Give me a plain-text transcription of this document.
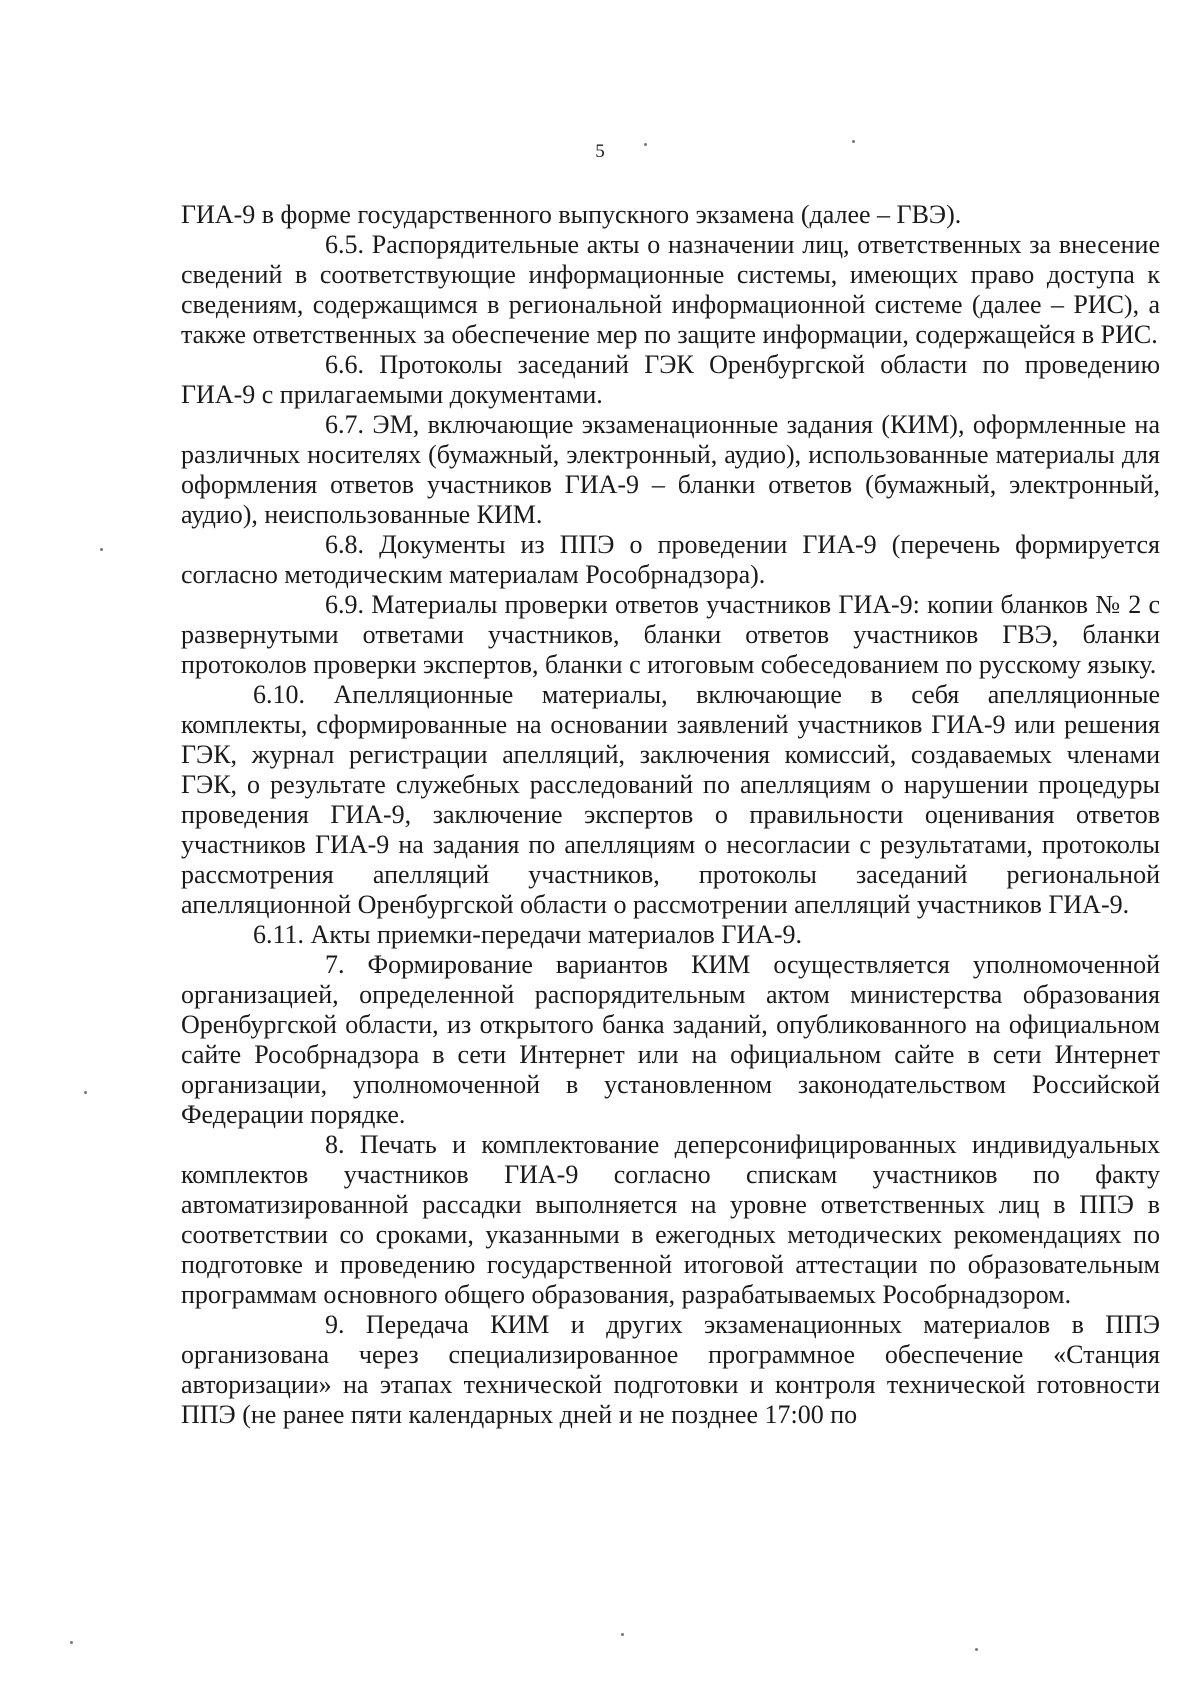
5

ГИА-9 в форме государственного выпускного экзамена (далее – ГВЭ).

6.5. Распорядительные акты о назначении лиц, ответственных за внесение сведений в соответствующие информационные системы, имеющих право доступа к сведениям, содержащимся в региональной информационной системе (далее – РИС), а также ответственных за обеспечение мер по защите информации, содержащейся в РИС.

6.6. Протоколы заседаний ГЭК Оренбургской области по проведению ГИА-9 с прилагаемыми документами.

6.7. ЭМ, включающие экзаменационные задания (КИМ), оформленные на различных носителях (бумажный, электронный, аудио), использованные материалы для оформления ответов участников ГИА-9 – бланки ответов (бумажный, электронный, аудио), неиспользованные КИМ.

6.8. Документы из ППЭ о проведении ГИА-9 (перечень формируется согласно методическим материалам Рособрнадзора).

6.9. Материалы проверки ответов участников ГИА-9: копии бланков № 2 с развернутыми ответами участников, бланки ответов участников ГВЭ, бланки протоколов проверки экспертов, бланки с итоговым собеседованием по русскому языку.

6.10. Апелляционные материалы, включающие в себя апелляционные комплекты, сформированные на основании заявлений участников ГИА-9 или решения ГЭК, журнал регистрации апелляций, заключения комиссий, создаваемых членами ГЭК, о результате служебных расследований по апелляциям о нарушении процедуры проведения ГИА-9, заключение экспертов о правильности оценивания ответов участников ГИА-9 на задания по апелляциям о несогласии с результатами, протоколы рассмотрения апелляций участников, протоколы заседаний региональной апелляционной Оренбургской области о рассмотрении апелляций участников ГИА-9.

6.11. Акты приемки-передачи материалов ГИА-9.

7. Формирование вариантов КИМ осуществляется уполномоченной организацией, определенной распорядительным актом министерства образования Оренбургской области, из открытого банка заданий, опубликованного на официальном сайте Рособрнадзора в сети Интернет или на официальном сайте в сети Интернет организации, уполномоченной в установленном законодательством Российской Федерации порядке.

8. Печать и комплектование деперсонифицированных индивидуальных комплектов участников ГИА-9 согласно спискам участников по факту автоматизированной рассадки выполняется на уровне ответственных лиц в ППЭ в соответствии со сроками, указанными в ежегодных методических рекомендациях по подготовке и проведению государственной итоговой аттестации по образовательным программам основного общего образования, разрабатываемых Рособрнадзором.

9. Передача КИМ и других экзаменационных материалов в ППЭ организована через специализированное программное обеспечение «Станция авторизации» на этапах технической подготовки и контроля технической готовности ППЭ (не ранее пяти календарных дней и не позднее 17:00 по
